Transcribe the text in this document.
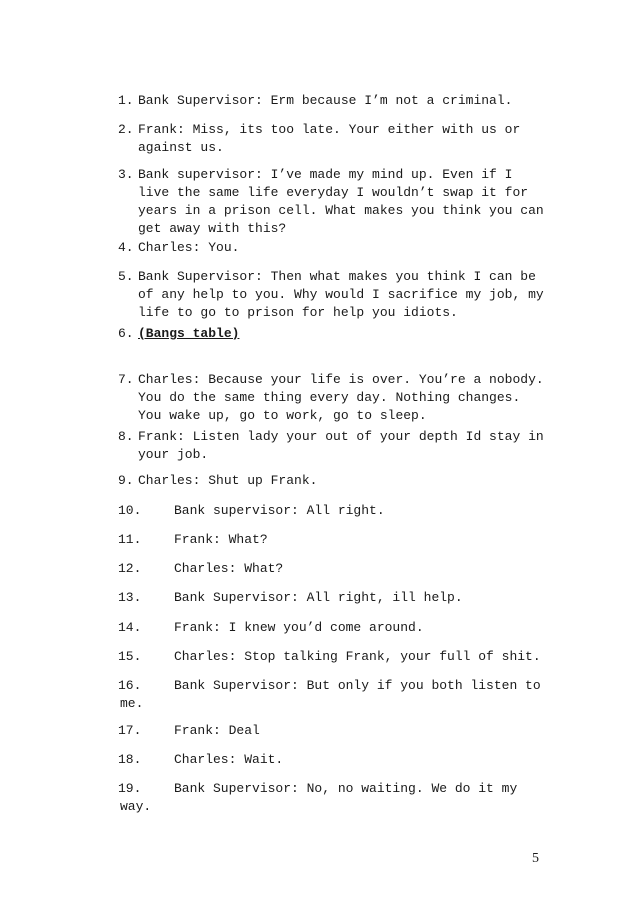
1. Bank Supervisor: Erm because I’m not a criminal.
2. Frank: Miss, its too late. Your either with us or
against us.
3. Bank supervisor: I’ve made my mind up. Even if I
live the same life everyday I wouldn’t swap it for
years in a prison cell. What makes you think you can
get away with this?
4. Charles: You.
5. Bank Supervisor: Then what makes you think I can be
of any help to you. Why would I sacrifice my job, my
life to go to prison for help you idiots.
6. (Bangs table)
7. Charles: Because your life is over. You’re a nobody.
You do the same thing every day. Nothing changes.
You wake up, go to work, go to sleep.
8. Frank: Listen lady your out of your depth Id stay in
your job.
9. Charles: Shut up Frank.
10.	Bank supervisor: All right.
11.	Frank: What?
12.	Charles: What?
13.	Bank Supervisor: All right, ill help.
14.	Frank: I knew you’d come around.
15.	Charles: Stop talking Frank, your full of shit.
16.	Bank Supervisor: But only if you both listen to
me.
17.	Frank: Deal
18.	Charles: Wait.
19.	Bank Supervisor: No, no waiting. We do it my
way.
5
